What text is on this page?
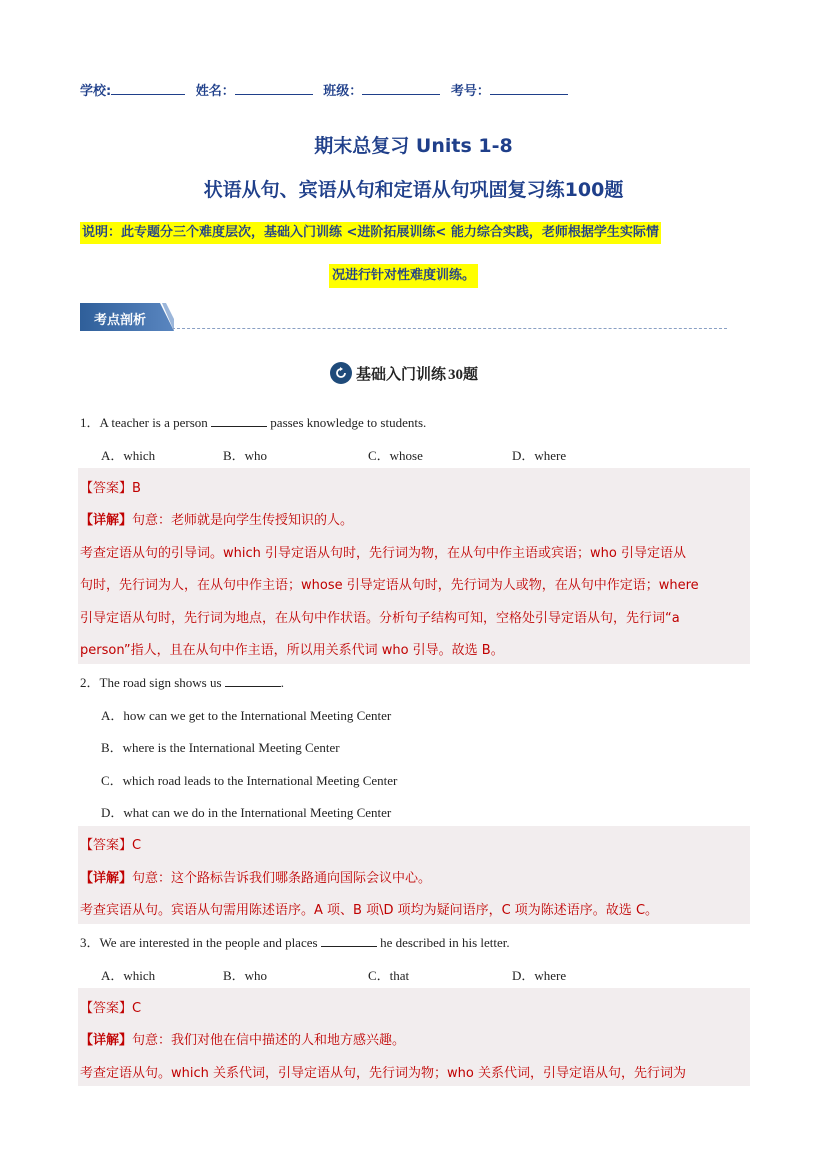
学校:	姓名：	班级：	考号：
期末总复习 Units 1-8
状语从句、宾语从句和定语从句巩固复习练100题
说明：此专题分三个难度层次，基础入门训练 <进阶拓展训练< 能力综合实践，老师根据学生实际情
况进行针对性难度训练。
考点剖析
基础入门训练 30题
1．A teacher is a person	passes knowledge to students.
A．which	B．who	C．whose	D．where
【答案】B
【详解】句意：老师就是向学生传授知识的人。
考查定语从句的引导词。which 引导定语从句时，先行词为物，在从句中作主语或宾语；who 引导定语从
句时，先行词为人，在从句中作主语；whose 引导定语从句时，先行词为人或物，在从句中作定语；where
引导定语从句时，先行词为地点，在从句中作状语。分析句子结构可知，空格处引导定语从句，先行词“a
person”指人，且在从句中作主语，所以用关系代词 who 引导。故选 B。
2．The road sign shows us	.
A．how can we get to the International Meeting Center
B．where is the International Meeting Center
C．which road leads to the International Meeting Center
D．what can we do in the International Meeting Center
【答案】C
【详解】句意：这个路标告诉我们哪条路通向国际会议中心。
考查宾语从句。宾语从句需用陈述语序。A 项、B 项\D 项均为疑问语序，C 项为陈述语序。故选 C。
3．We are interested in the people and places	he described in his letter.
A．which	B．who	C．that	D．where
【答案】C
【详解】句意：我们对他在信中描述的人和地方感兴趣。
考查定语从句。which 关系代词，引导定语从句，先行词为物；who 关系代词，引导定语从句，先行词为
